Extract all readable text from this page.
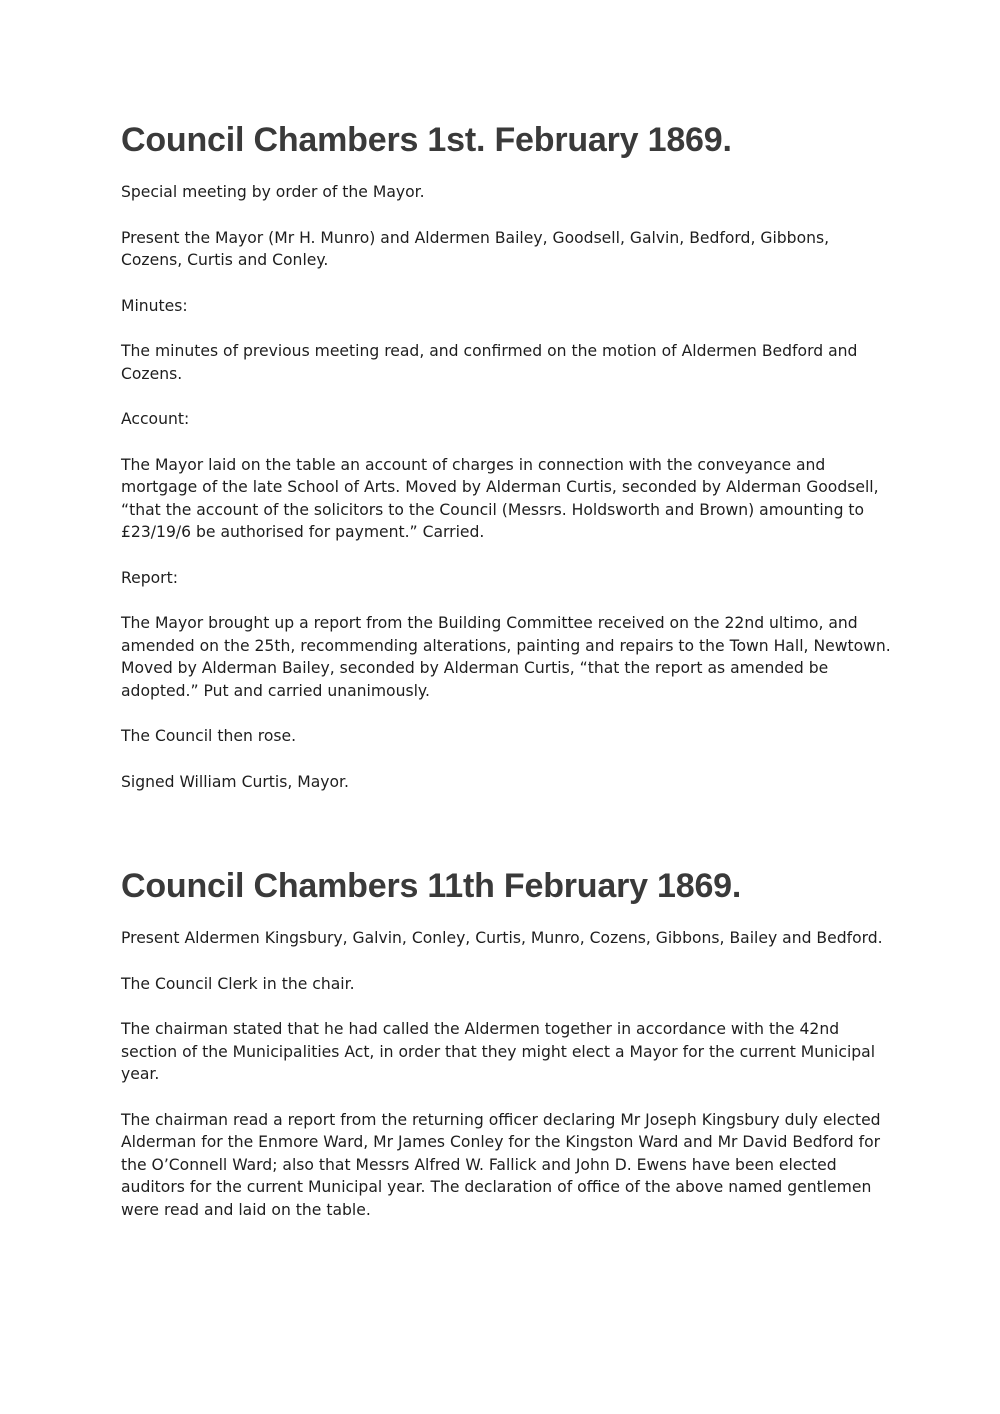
Council Chambers 1st. February 1869.

Special meeting by order of the Mayor.

Present the Mayor (Mr H. Munro) and Aldermen Bailey, Goodsell, Galvin, Bedford, Gibbons, Cozens, Curtis and Conley.

Minutes:

The minutes of previous meeting read, and confirmed on the motion of Aldermen Bedford and Cozens.

Account:

The Mayor laid on the table an account of charges in connection with the conveyance and mortgage of the late School of Arts. Moved by Alderman Curtis, seconded by Alderman Goodsell, “that the account of the solicitors to the Council (Messrs. Holdsworth and Brown) amounting to £23/19/6 be authorised for payment.” Carried.

Report:

The Mayor brought up a report from the Building Committee received on the 22nd ultimo, and amended on the 25th, recommending alterations, painting and repairs to the Town Hall, Newtown. Moved by Alderman Bailey, seconded by Alderman Curtis, “that the report as amended be adopted.” Put and carried unanimously.

The Council then rose.

Signed William Curtis, Mayor.

Council Chambers 11th February 1869.

Present Aldermen Kingsbury, Galvin, Conley, Curtis, Munro, Cozens, Gibbons, Bailey and Bedford.

The Council Clerk in the chair.

The chairman stated that he had called the Aldermen together in accordance with the 42nd section of the Municipalities Act, in order that they might elect a Mayor for the current Municipal year.

The chairman read a report from the returning officer declaring Mr Joseph Kingsbury duly elected Alderman for the Enmore Ward, Mr James Conley for the Kingston Ward and Mr David Bedford for the O’Connell Ward; also that Messrs Alfred W. Fallick and John D. Ewens have been elected auditors for the current Municipal year. The declaration of office of the above named gentlemen were read and laid on the table.
